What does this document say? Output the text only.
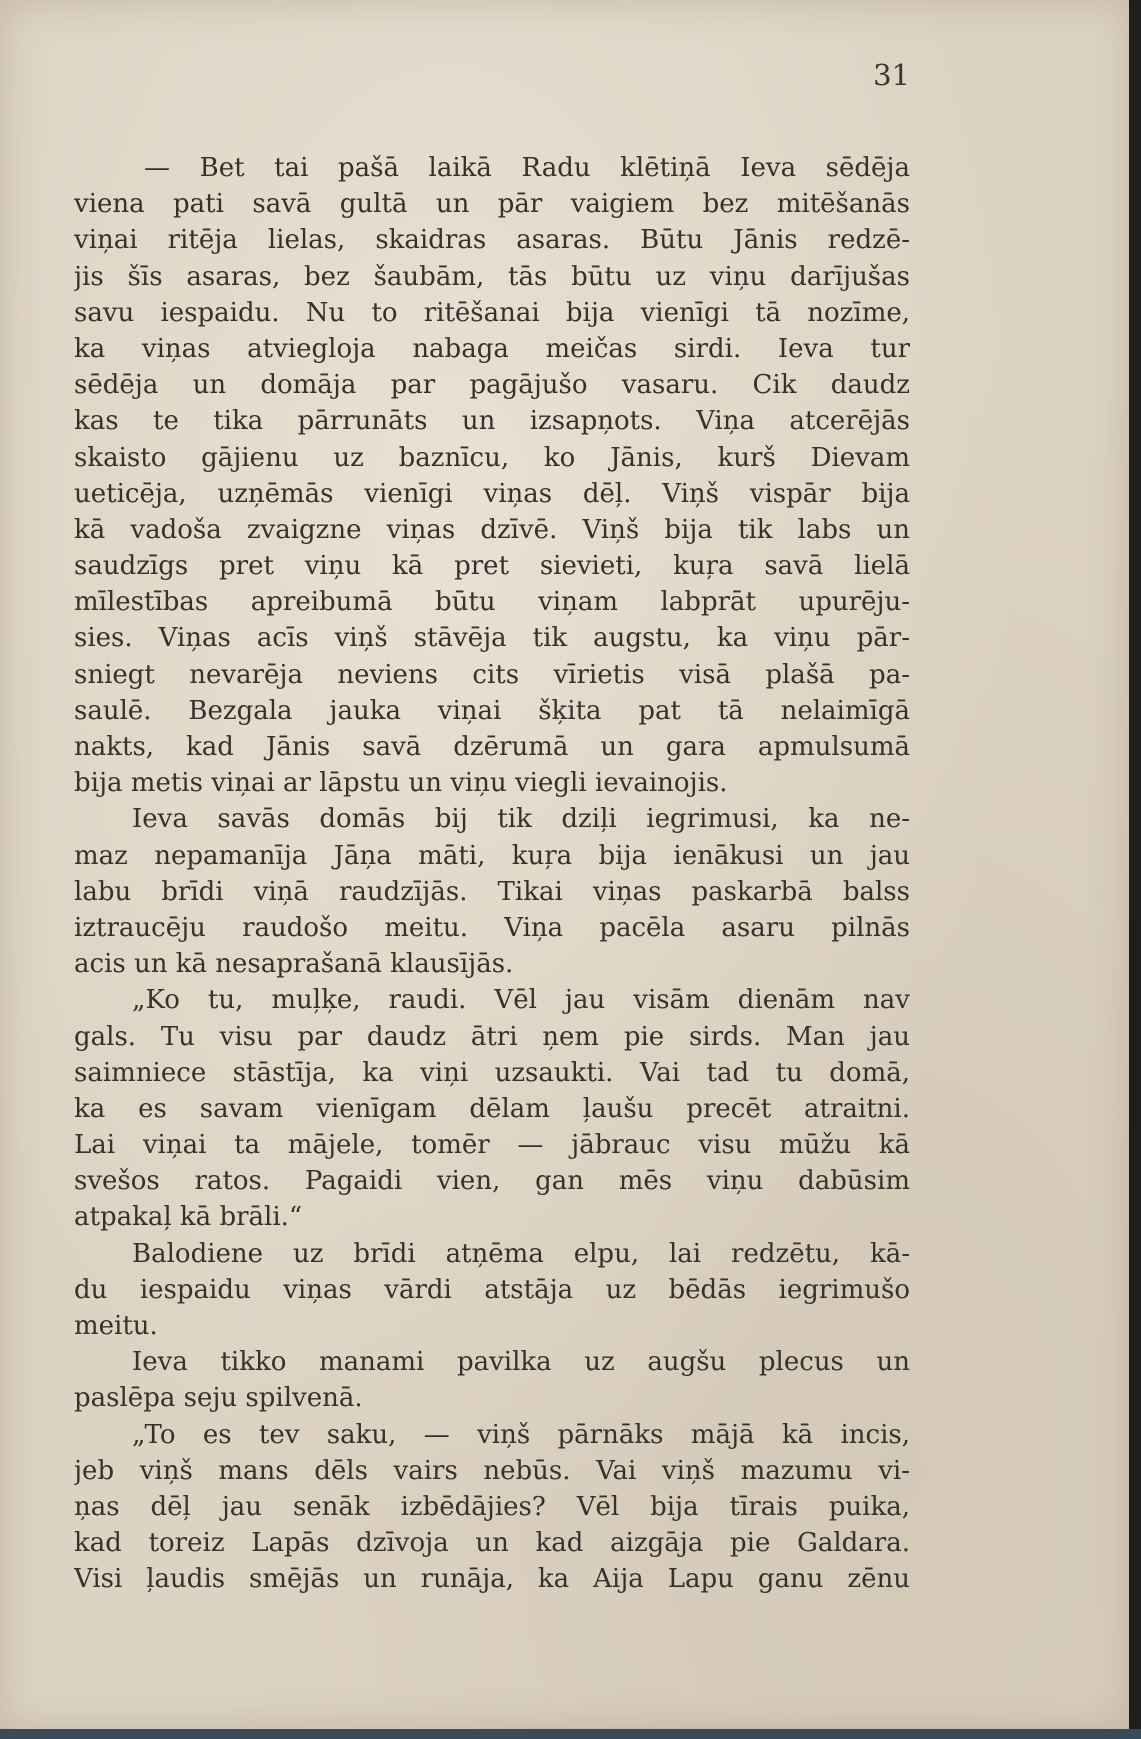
31
— Bet tai pašā laikā Radu klētiņā Ieva sēdēja
viena pati savā gultā un pār vaigiem bez mitēšanās
viņai ritēja lielas, skaidras asaras. Būtu Jānis redzē-
jis šīs asaras, bez šaubām, tās būtu uz viņu darījušas
savu iespaidu. Nu to ritēšanai bija vienīgi tā nozīme,
ka viņas atviegloja nabaga meičas sirdi. Ieva tur
sēdēja un domāja par pagājušo vasaru. Cik daudz
kas te tika pārrunāts un izsapņots. Viņa atcerējās
skaisto gājienu uz baznīcu, ko Jānis, kurš Dievam
ueticēja, uzņēmās vienīgi viņas dēļ. Viņš vispār bija
kā vadoša zvaigzne viņas dzīvē. Viņš bija tik labs un
saudzīgs pret viņu kā pret sievieti, kuŗa savā lielā
mīlestības apreibumā būtu viņam labprāt upurēju-
sies. Viņas acīs viņš stāvēja tik augstu, ka viņu pār-
sniegt nevarēja neviens cits vīrietis visā plašā pa-
saulē. Bezgala jauka viņai šķita pat tā nelaimīgā
nakts, kad Jānis savā dzērumā un gara apmulsumā
bija metis viņai ar lāpstu un viņu viegli ievainojis.
Ieva savās domās bij tik dziļi iegrimusi, ka ne-
maz nepamanīja Jāņa māti, kuŗa bija ienākusi un jau
labu brīdi viņā raudzījās. Tikai viņas paskarbā balss
iztraucēju raudošo meitu. Viņa pacēla asaru pilnās
acis un kā nesaprašanā klausījās.
„Ko tu, muļķe, raudi. Vēl jau visām dienām nav
gals. Tu visu par daudz ātri ņem pie sirds. Man jau
saimniece stāstīja, ka viņi uzsaukti. Vai tad tu domā,
ka es savam vienīgam dēlam ļaušu precēt atraitni.
Lai viņai ta mājele, tomēr — jābrauc visu mūžu kā
svešos ratos. Pagaidi vien, gan mēs viņu dabūsim
atpakaļ kā brāli.“
Balodiene uz brīdi atņēma elpu, lai redzētu, kā-
du iespaidu viņas vārdi atstāja uz bēdās iegrimušo
meitu.
Ieva tikko manami pavilka uz augšu plecus un
paslēpa seju spilvenā.
„To es tev saku, — viņš pārnāks mājā kā incis,
jeb viņš mans dēls vairs nebūs. Vai viņš mazumu vi-
ņas dēļ jau senāk izbēdājies? Vēl bija tīrais puika,
kad toreiz Lapās dzīvoja un kad aizgāja pie Galdara.
Visi ļaudis smējās un runāja, ka Aija Lapu ganu zēnu
